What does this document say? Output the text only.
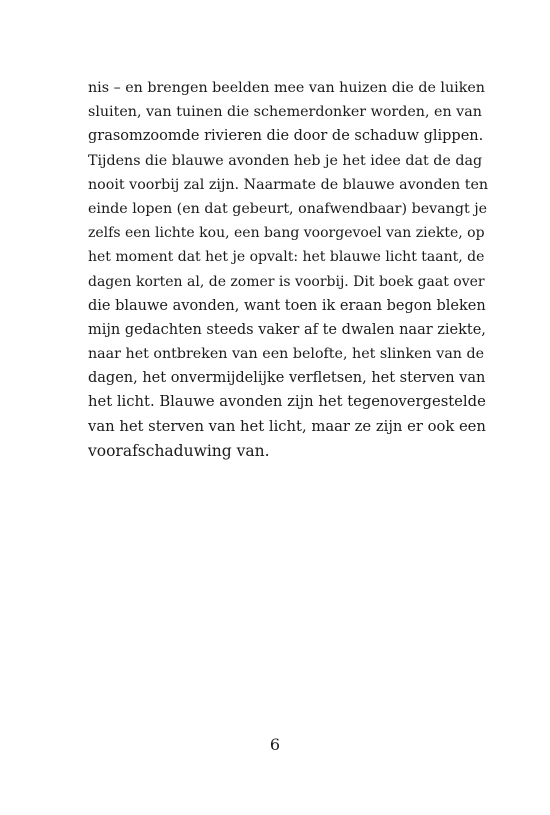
nis – en brengen beelden mee van huizen die de luiken
sluiten, van tuinen die schemerdonker worden, en van
grasomzoomde rivieren die door de schaduw glippen.
Tijdens die blauwe avonden heb je het idee dat de dag
nooit voorbij zal zijn. Naarmate de blauwe avonden ten
einde lopen (en dat gebeurt, onafwendbaar) bevangt je
zelfs een lichte kou, een bang voorgevoel van ziekte, op
het moment dat het je opvalt: het blauwe licht taant, de
dagen korten al, de zomer is voorbij. Dit boek gaat over
die blauwe avonden, want toen ik eraan begon bleken
mijn gedachten steeds vaker af te dwalen naar ziekte,
naar het ontbreken van een belofte, het slinken van de
dagen, het onvermijdelijke verfletsen, het sterven van
het licht. Blauwe avonden zijn het tegenovergestelde
van het sterven van het licht, maar ze zijn er ook een
voorafschaduwing van.
6
